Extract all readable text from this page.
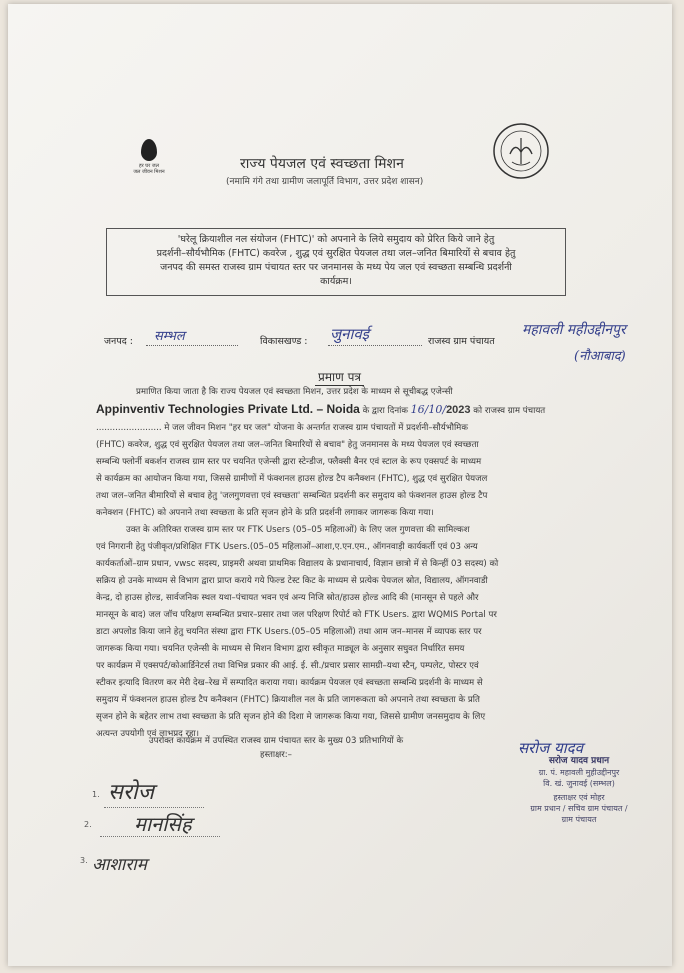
हर घर जल
जल जीवन मिशन	राज्य पेयजल एवं स्वच्छता मिशन
(नमामि गंगे तथा ग्रामीण जलापूर्ति विभाग, उत्तर प्रदेश शासन)
'घरेलू क्रियाशील नल संयोजन (FHTC)' को अपनाने के लिये समुदाय को प्रेरित किये जाने हेतु
प्रदर्शनी–सौर्यभौमिक (FHTC) कवरेज , शुद्ध एवं सुरक्षित पेयजल तथा जल–जनित बिमारियों से बचाव हेतु
जनपद की समस्त राजस्व ग्राम पंचायत स्तर पर जनमानस के मध्य पेय जल एवं स्वच्छता सम्बन्धि प्रदर्शनी
कार्यक्रम।
जनपद : सम्भल	विकासखण्ड : जुनावई	राजस्व ग्राम पंचायत
महावली महीउद्दीनपुर
(नौआबाद)
प्रमाण पत्र
प्रमाणित किया जाता है कि राज्य पेयजल एवं स्वच्छता मिशन, उत्तर प्रदेश के माध्यम से सूचीबद्ध एजेन्सी
Appinventiv Technologies Private Ltd. – Noida के द्वारा दिनांक 16/10/2023 को राजस्व ग्राम पंचायत
........................ मे जल जीवन मिशन "हर घर जल" योजना के अन्तर्गत राजस्व ग्राम पंचायतों में प्रदर्शनी–सौर्यभौमिक
(FHTC) कवरेज, शुद्ध एवं सुरक्षित पेयजल तथा जल–जनित बिमारियों से बचाव" हेतु जनमानस के मध्य पेयजल एवं स्वच्छता
सम्बन्धि फ्लोर्नी बकर्शन राजस्व ग्राम स्तर पर चयनित एजेन्सी द्वारा स्टेन्डीज, फ्लैक्सी बैनर एवं स्टाल के रूप एक्सपर्ट के माध्यम
से कार्यक्रम का आयोजन किया गया, जिससे ग्रामीणों में फंक्शनल हाउस होल्ड टैप कनैक्शन (FHTC), शुद्ध एवं सुरक्षित पेयजल
तथा जल–जनित बीमारियों से बचाव हेतु 'जलगुणवत्ता एवं स्वच्छता' सम्बन्धित प्रदर्शनी कर समुदाय को फंक्शनल हाउस होल्ड टैप
कनेक्शन (FHTC) को अपनाने तथा स्वच्छता के प्रति सृजन होने के प्रति प्रदर्शनी लगाकर जागरूक किया गया।
उक्त के अतिरिक्त राजस्व ग्राम स्तर पर FTK Users (05–05 महिलाओं) के लिए जल गुणवत्ता की सामिल्कश
एवं निगरानी हेतु पंजीकृत/प्रशिक्षित FTK Users.(05–05 महिलाओं–आशा,ए.एन.एम., ऑगनवाड़ी कार्यकर्ती एवं 03 अन्य
कार्यकर्ताओं–ग्राम प्रधान, vwsc सदस्य, प्राइमरी अथवा प्राथमिक विद्यालय के प्रधानाचार्य, विज्ञान छात्रो में से किन्हीं 03 सदस्य) को
सक्रिय हो उनके माध्यम से विभाग द्वारा प्राप्त कराये गये फिल्ड टेस्ट किट के माध्यम से प्रत्येक पेयजल स्रोत, विद्यालय, ऑगनवाडी
केन्द्र, दो हाउस होल्ड, सार्वजनिक स्थल यथा–पंचायत भवन एवं अन्य निजि स्रोत/हाउस होल्ड आदि की (मानसून से पहले और
मानसून के बाद) जल जॉच परिक्षण सम्बन्धित प्रचार–प्रसार तथा जल परिक्षण रिपोर्ट को FTK Users. द्वारा WQMIS Portal पर
डाटा अपलोड किया जाने हेतु चयनित संस्था द्वारा FTK Users.(05–05 महिलाओं) तथा आम जन–मानस में व्यापक स्तर पर
जागरूक किया गया। चयनित एजेन्सी के माध्यम से मिशन विभाग द्वारा स्वीकृत माड्यूल के अनुसार सघुवत निर्धारित समय
पर कार्यक्रम में एक्सपर्ट/कोआर्डिनेटर्स तथा विभिन्न प्रकार की आई. ई. सी./प्रचार प्रसार सामग्री–यथा स्टैन्, पम्पलेट, पोस्टर एवं
स्टीकर इत्यादि वितरण कर मेरी देख–रेख में सम्पादित कराया गया। कार्यक्रम पेयजल एवं स्वच्छता सम्बन्धि प्रदर्शनी के माध्यम से
समुदाय में फंक्शनल हाउस होल्ड टैप कनैक्शन (FHTC) क्रियाशील नल के प्रति जागरूकता को अपनाने तथा स्वच्छता के प्रति
सृजन होने के बहेतर लाभ तथा स्वच्छता के प्रति सृजन होने की दिशा मे जागरूक किया गया, जिससे ग्रामीण जनसमुदाय के लिए
अत्यन्त उपयोगी एवं लाभप्रद रहा।
उपरोक्त कार्यक्रम में उपस्थित राजस्व ग्राम पंचायत स्तर के मुख्य 03 प्रतिभागियों के
हस्ताक्षर:–
1. सरोज
2. मानसिंह
3. आशाराम
सरोज यादव
सरोज यादव प्रधान
ग्रा. पं. महावली मुहीउद्दीनपुर
वि. खं. जुनावई (सम्भल)
हस्ताक्षर एवं मोहर
ग्राम प्रधान / सचिव ग्राम पंचायत /
ग्राम पंचायत
